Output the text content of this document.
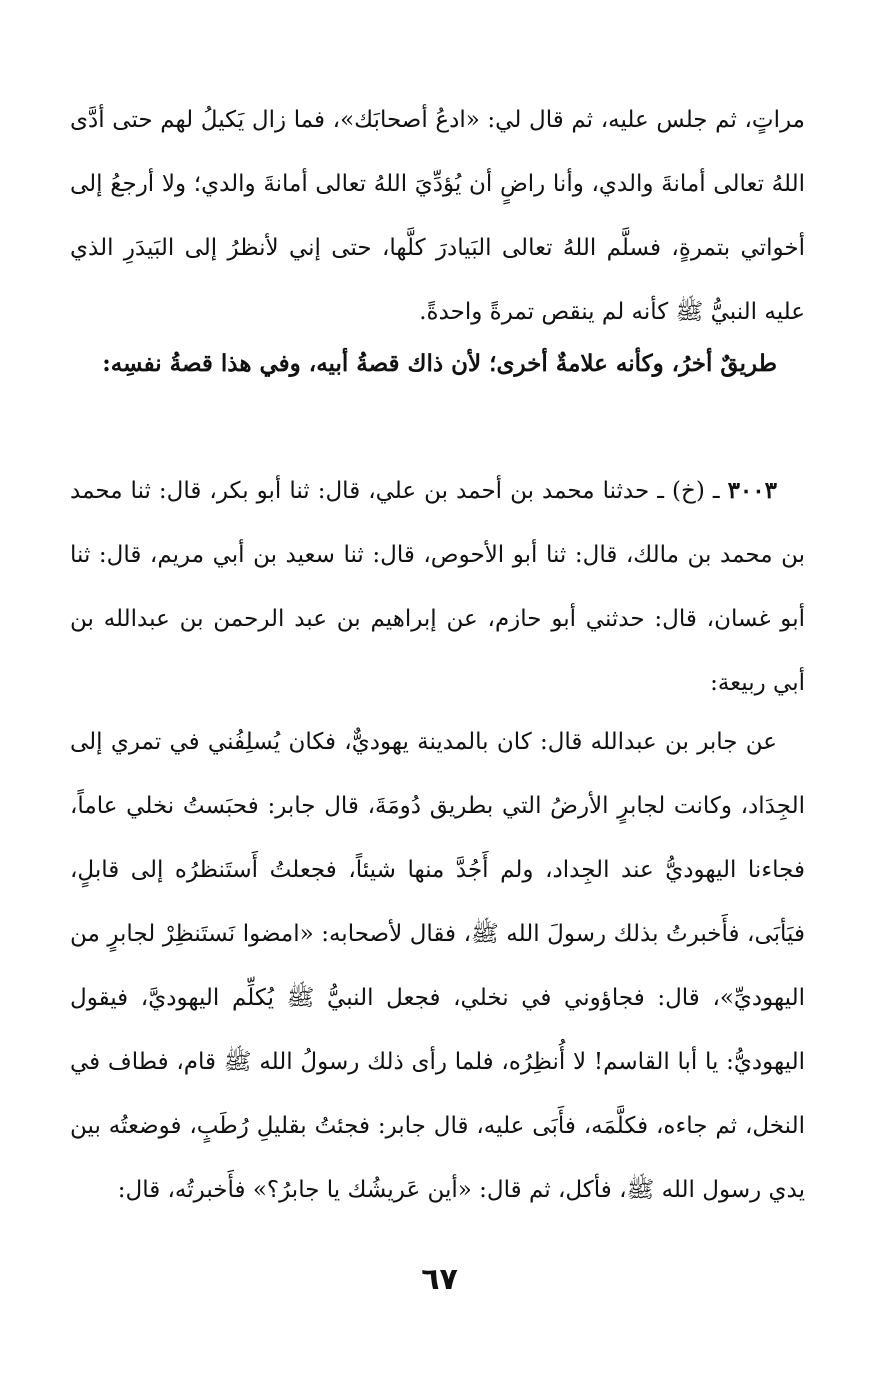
مراتٍ، ثم جلس عليه، ثم قال لي: «ادعُ أصحابَك»، فما زال يَكيلُ لهم حتى أدَّى اللهُ تعالى أمانةَ والدي، وأنا راضٍ أن يُؤدِّيَ اللهُ تعالى أمانةَ والدي؛ ولا أرجعُ إلى أخواتي بتمرةٍ، فسلَّم اللهُ تعالى البَيادرَ كلَّها، حتى إني لأنظرُ إلى البَيدَرِ الذي عليه النبيُّ ﷺ كأنه لم ينقص تمرةً واحدةً.
طريقٌ أخرُ، وكأنه علامةٌ أخرى؛ لأن ذاك قصةُ أبيه، وفي هذا قصةُ نفسِه:
٣٠٠٣ ـ (خ) ـ حدثنا محمد بن أحمد بن علي، قال: ثنا أبو بكر، قال: ثنا محمد بن محمد بن مالك، قال: ثنا أبو الأحوص، قال: ثنا سعيد بن أبي مريم، قال: ثنا أبو غسان، قال: حدثني أبو حازم، عن إبراهيم بن عبد الرحمن بن عبدالله بن أبي ربيعة:
عن جابر بن عبدالله قال: كان بالمدينة يهوديٌّ، فكان يُسلِفُني في تمري إلى الجِدَاد، وكانت لجابرٍ الأرضُ التي بطريق دُومَةَ، قال جابر: فحبَستُ نخلي عاماً، فجاءنا اليهوديُّ عند الجِداد، ولم أَجُدَّ منها شيئاً، فجعلتُ أَستَنظرُه إلى قابلٍ، فيَأبَى، فأَخبرتُ بذلك رسولَ الله ﷺ، فقال لأصحابه: «امضوا نَستَنظِرْ لجابرٍ من اليهوديِّ»، قال: فجاؤوني في نخلي، فجعل النبيُّ ﷺ يُكلِّم اليهوديَّ، فيقول اليهوديُّ: يا أبا القاسم! لا أُنظِرُه، فلما رأى ذلك رسولُ الله ﷺ قام، فطاف في النخل، ثم جاءه، فكلَّمَه، فأَبَى عليه، قال جابر: فجئتُ بقليلِ رُطَبٍ، فوضعتُه بين يدي رسول الله ﷺ، فأكل، ثم قال: «أين عَريشُك يا جابرُ؟» فأَخبرتُه، قال:
٦٧
